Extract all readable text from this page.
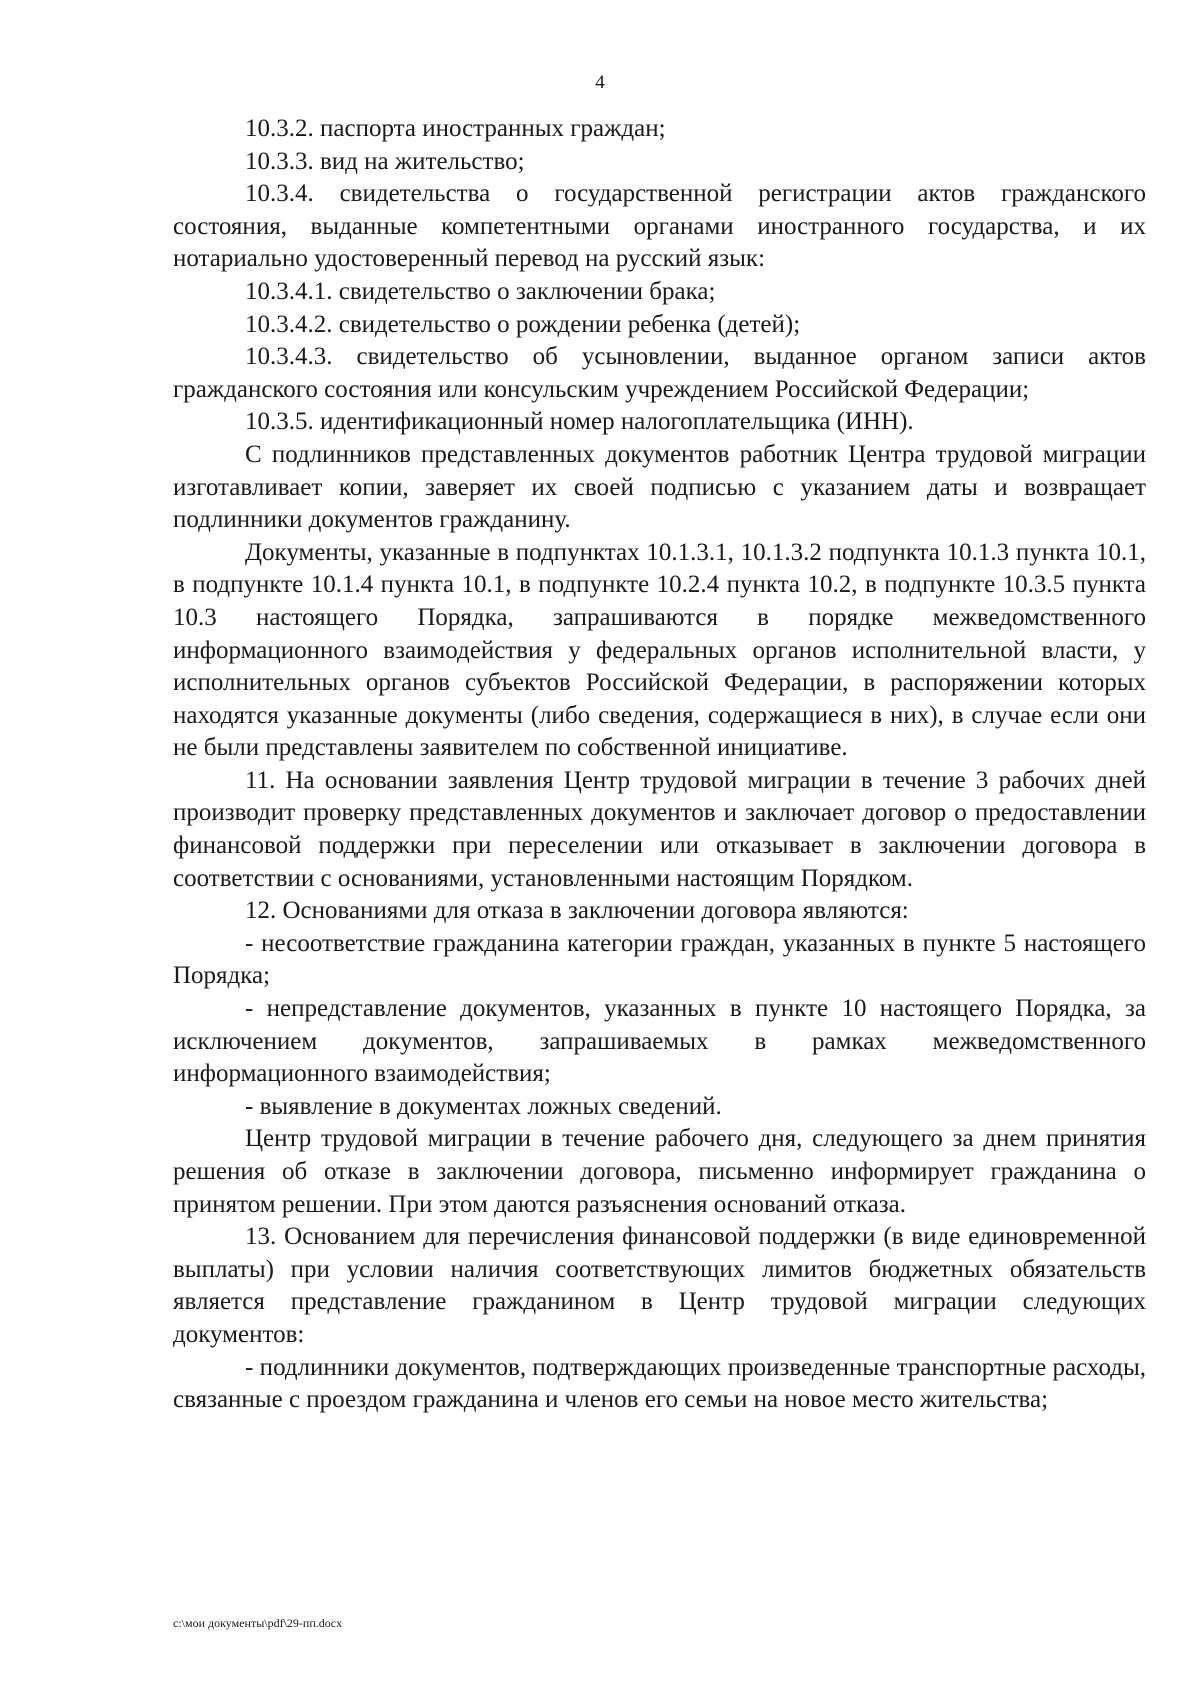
4

10.3.2. паспорта иностранных граждан;

10.3.3. вид на жительство;

10.3.4. свидетельства о государственной регистрации актов гражданского состояния, выданные компетентными органами иностранного государства, и их нотариально удостоверенный перевод на русский язык:

10.3.4.1. свидетельство о заключении брака;

10.3.4.2. свидетельство о рождении ребенка (детей);

10.3.4.3. свидетельство об усыновлении, выданное органом записи актов гражданского состояния или консульским учреждением Российской Федерации;

10.3.5. идентификационный номер налогоплательщика (ИНН).

С подлинников представленных документов работник Центра трудовой миграции изготавливает копии, заверяет их своей подписью с указанием даты и возвращает подлинники документов гражданину.

Документы, указанные в подпунктах 10.1.3.1, 10.1.3.2 подпункта 10.1.3 пункта 10.1, в подпункте 10.1.4 пункта 10.1, в подпункте 10.2.4 пункта 10.2, в подпункте 10.3.5 пункта 10.3 настоящего Порядка, запрашиваются в порядке межведомственного информационного взаимодействия у федеральных органов исполнительной власти, у исполнительных органов субъектов Российской Федерации, в распоряжении которых находятся указанные документы (либо сведения, содержащиеся в них), в случае если они не были представлены заявителем по собственной инициативе.

11. На основании заявления Центр трудовой миграции в течение 3 рабочих дней производит проверку представленных документов и заключает договор о предоставлении финансовой поддержки при переселении или отказывает в заключении договора в соответствии с основаниями, установленными настоящим Порядком.

12. Основаниями для отказа в заключении договора являются:

- несоответствие гражданина категории граждан, указанных в пункте 5 настоящего Порядка;

- непредставление документов, указанных в пункте 10 настоящего Порядка, за исключением документов, запрашиваемых в рамках межведомственного информационного взаимодействия;

- выявление в документах ложных сведений.

Центр трудовой миграции в течение рабочего дня, следующего за днем принятия решения об отказе в заключении договора, письменно информирует гражданина о принятом решении. При этом даются разъяснения оснований отказа.

13. Основанием для перечисления финансовой поддержки (в виде единовременной выплаты) при условии наличия соответствующих лимитов бюджетных обязательств является представление гражданином в Центр трудовой миграции следующих документов:

- подлинники документов, подтверждающих произведенные транспортные расходы, связанные с проездом гражданина и членов его семьи на новое место жительства;

c:\мои документы\pdf\29-пп.docx
